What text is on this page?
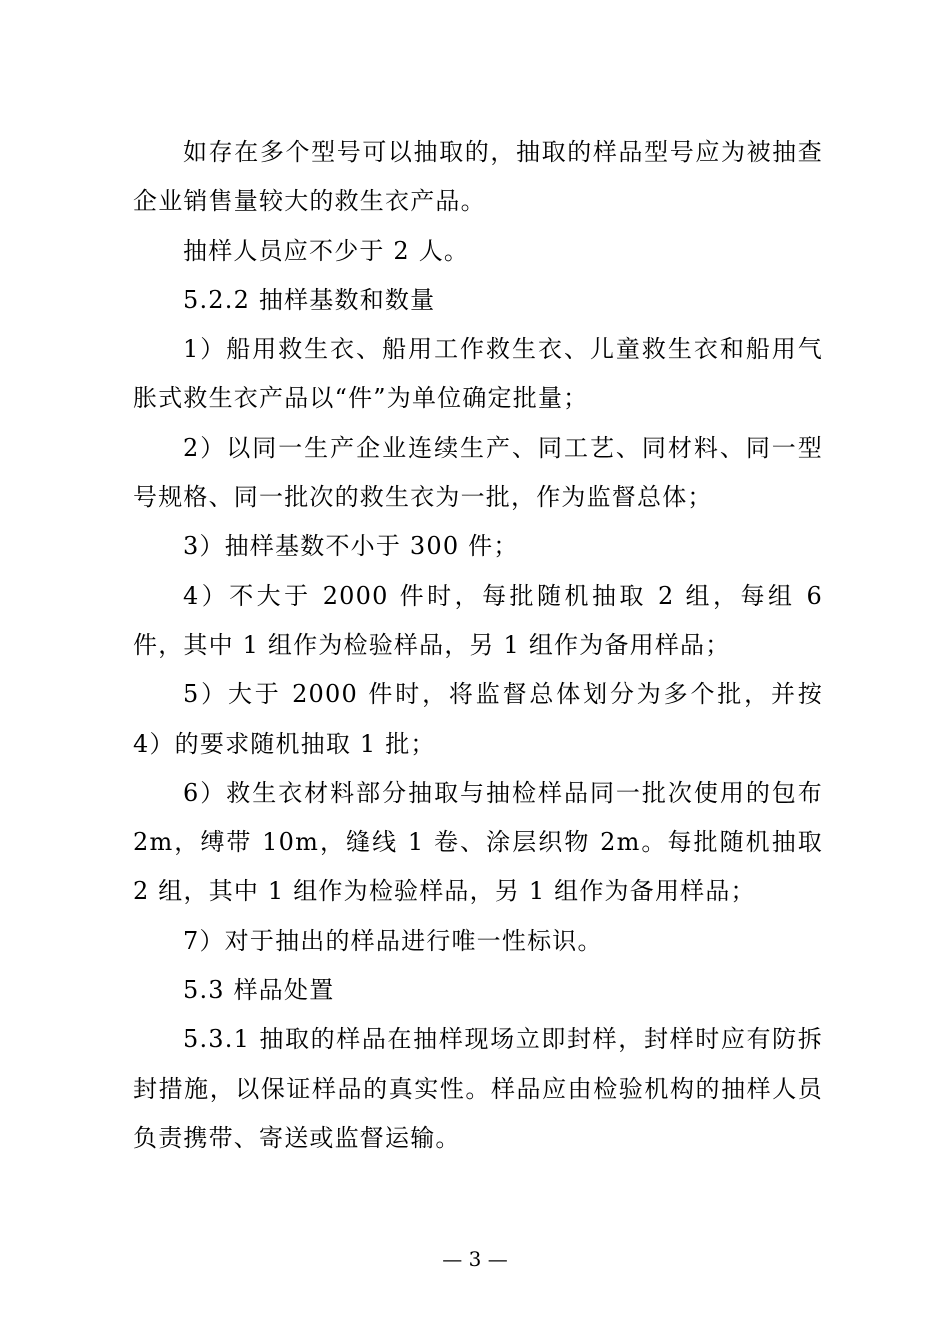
如存在多个型号可以抽取的，抽取的样品型号应为被抽查企业销售量较大的救生衣产品。

抽样人员应不少于 2 人。

5.2.2 抽样基数和数量

1）船用救生衣、船用工作救生衣、儿童救生衣和船用气胀式救生衣产品以“件”为单位确定批量；

2）以同一生产企业连续生产、同工艺、同材料、同一型号规格、同一批次的救生衣为一批，作为监督总体；

3）抽样基数不小于 300 件；

4）不大于 2000 件时，每批随机抽取 2 组，每组 6 件，其中 1 组作为检验样品，另 1 组作为备用样品；

5）大于 2000 件时，将监督总体划分为多个批，并按 4）的要求随机抽取 1 批；

6）救生衣材料部分抽取与抽检样品同一批次使用的包布 2m，缚带 10m，缝线 1 卷、涂层织物 2m。每批随机抽取 2 组，其中 1 组作为检验样品，另 1 组作为备用样品；

7）对于抽出的样品进行唯一性标识。

5.3 样品处置

5.3.1 抽取的样品在抽样现场立即封样，封样时应有防拆封措施，以保证样品的真实性。样品应由检验机构的抽样人员负责携带、寄送或监督运输。

— 3 —
